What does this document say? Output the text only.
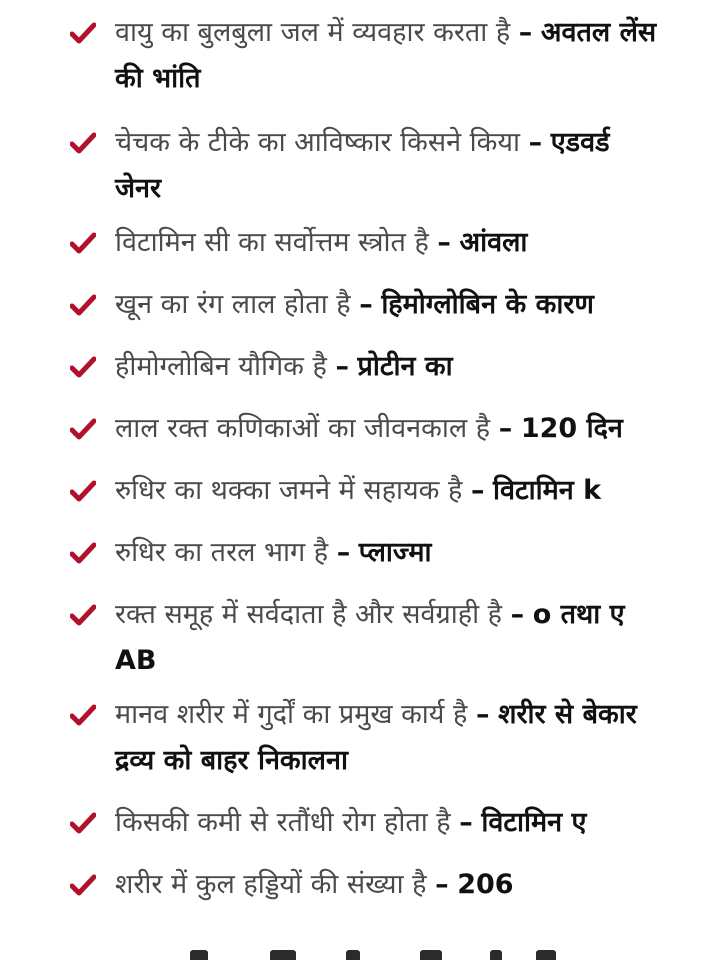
वायु का बुलबुला जल में व्यवहार करता है – अवतल लेंस की भांति
चेचक के टीके का आविष्कार किसने किया – एडवर्ड जेनर
विटामिन सी का सर्वोत्तम स्त्रोत है – आंवला
खून का रंग लाल होता है – हिमोग्लोबिन के कारण
हीमोग्लोबिन यौगिक है – प्रोटीन का
लाल रक्त कणिकाओं का जीवनकाल है – 120 दिन
रुधिर का थक्का जमने में सहायक है – विटामिन k
रुधिर का तरल भाग है – प्लाज्मा
रक्त समूह में सर्वदाता है और सर्वग्राही है – o तथा ए AB
मानव शरीर में गुर्दों का प्रमुख कार्य है – शरीर से बेकार द्रव्य को बाहर निकालना
किसकी कमी से रतौंधी रोग होता है – विटामिन ए
शरीर में कुल हड्डियों की संख्या है – 206
